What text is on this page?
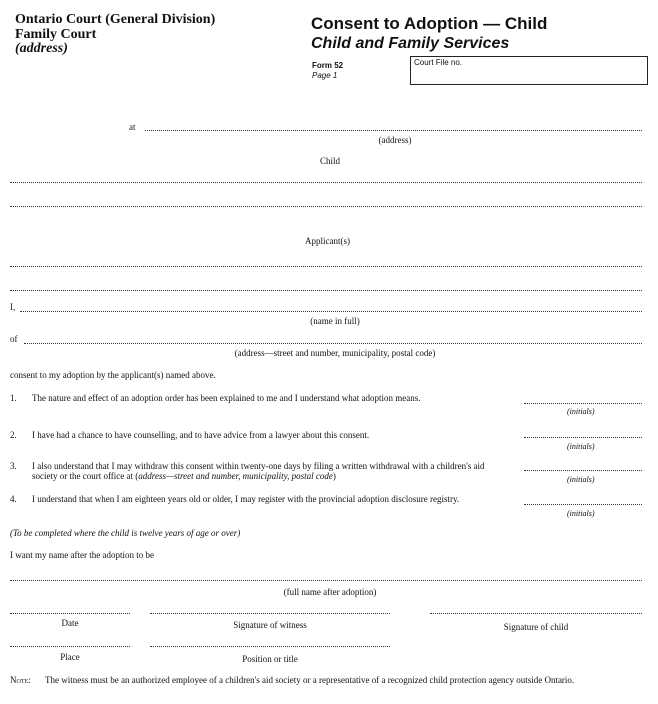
Ontario Court (General Division)
Family Court
(address)
Consent to Adoption — Child
Child and Family Services
Form 52
Page 1
Court File no.
at
(address)
Child
Applicant(s)
I,
(name in full)
of
(address—street and number, municipality, postal code)
consent to my adoption by the applicant(s) named above.
1. The nature and effect of an adoption order has been explained to me and I understand what adoption means.
(initials)
2. I have had a chance to have counselling, and to have advice from a lawyer about this consent.
(initials)
3. I also understand that I may withdraw this consent within twenty-one days by filing a written withdrawal with a children's aid society or the court office at (address—street and number, municipality, postal code)	(initials)
4. I understand that when I am eighteen years old or older, I may register with the provincial adoption disclosure registry.
(initials)
(To be completed where the child is twelve years of age or over)
I want my name after the adoption to be
(full name after adoption)
Date	Signature of witness	Signature of child
Place	Position or title
Note: The witness must be an authorized employee of a children's aid society or a representative of a recognized child protection agency outside Ontario.
